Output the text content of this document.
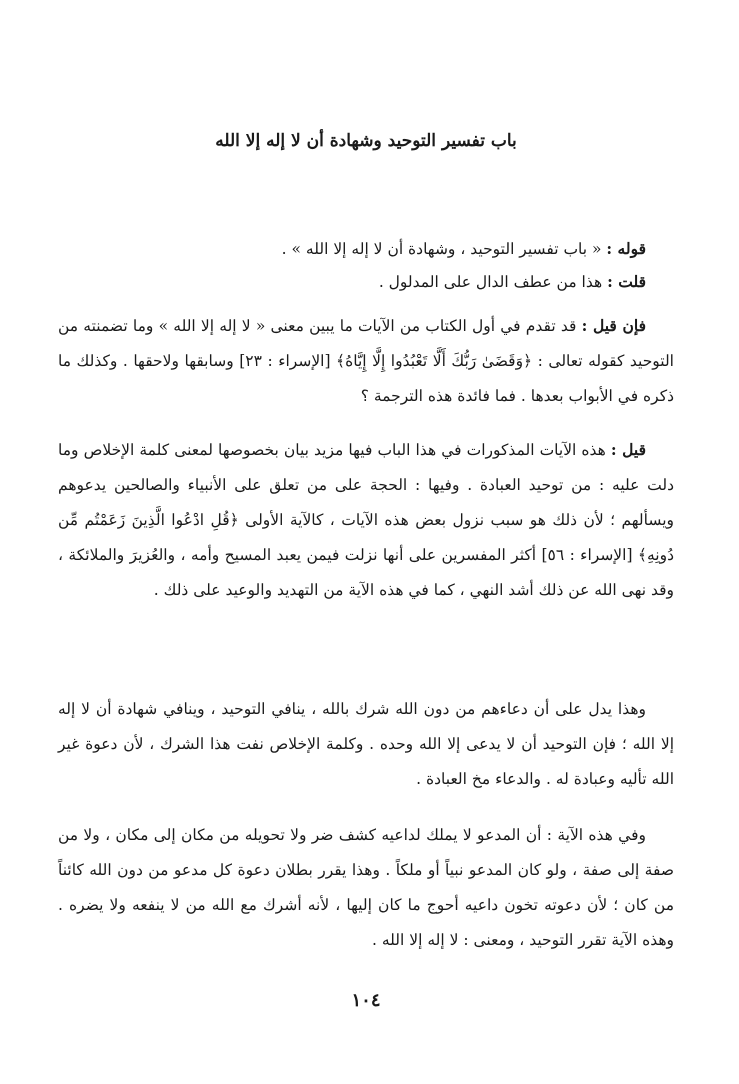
باب تفسير التوحيد وشهادة أن لا إله إلا الله
قوله : « باب تفسير التوحيد ، وشهادة أن لا إله إلا الله » .
قلت : هذا من عطف الدال على المدلول .
فإن قيل : قد تقدم في أول الكتاب من الآيات ما يبين معنى « لا إله إلا الله » وما تضمنته من التوحيد كقوله تعالى : ﴿وَقَضَىٰ رَبُّكَ أَلَّا تَعْبُدُوا إِلَّا إِيَّاهُ﴾ [الإسراء : ٢٣] وسابقها ولاحقها . وكذلك ما ذكره في الأبواب بعدها . فما فائدة هذه الترجمة ؟
قيل : هذه الآيات المذكورات في هذا الباب فيها مزيد بيان بخصوصها لمعنى كلمة الإخلاص وما دلت عليه : من توحيد العبادة . وفيها : الحجة على من تعلق على الأنبياء والصالحين يدعوهم ويسألهم ؛ لأن ذلك هو سبب نزول بعض هذه الآيات ، كالآية الأولى ﴿قُلِ ادْعُوا الَّذِينَ زَعَمْتُم مِّن دُونِهِ﴾ [الإسراء : ٥٦] أكثر المفسرين على أنها نزلت فيمن يعبد المسيح وأمه ، والعُزيرَ والملائكة ، وقد نهى الله عن ذلك أشد النهي ، كما في هذه الآية من التهديد والوعيد على ذلك .
وهذا يدل على أن دعاءهم من دون الله شرك بالله ، ينافي التوحيد ، وينافي شهادة أن لا إله إلا الله ؛ فإن التوحيد أن لا يدعى إلا الله وحده . وكلمة الإخلاص نفت هذا الشرك ، لأن دعوة غير الله تأليه وعبادة له . والدعاء مخ العبادة .
وفي هذه الآية : أن المدعو لا يملك لداعيه كشف ضر ولا تحويله من مكان إلى مكان ، ولا من صفة إلى صفة ، ولو كان المدعو نبياً أو ملكاً . وهذا يقرر بطلان دعوة كل مدعو من دون الله كائناً من كان ؛ لأن دعوته تخون داعيه أحوج ما كان إليها ، لأنه أشرك مع الله من لا ينفعه ولا يضره . وهذه الآية تقرر التوحيد ، ومعنى : لا إله إلا الله .
١٠٤
